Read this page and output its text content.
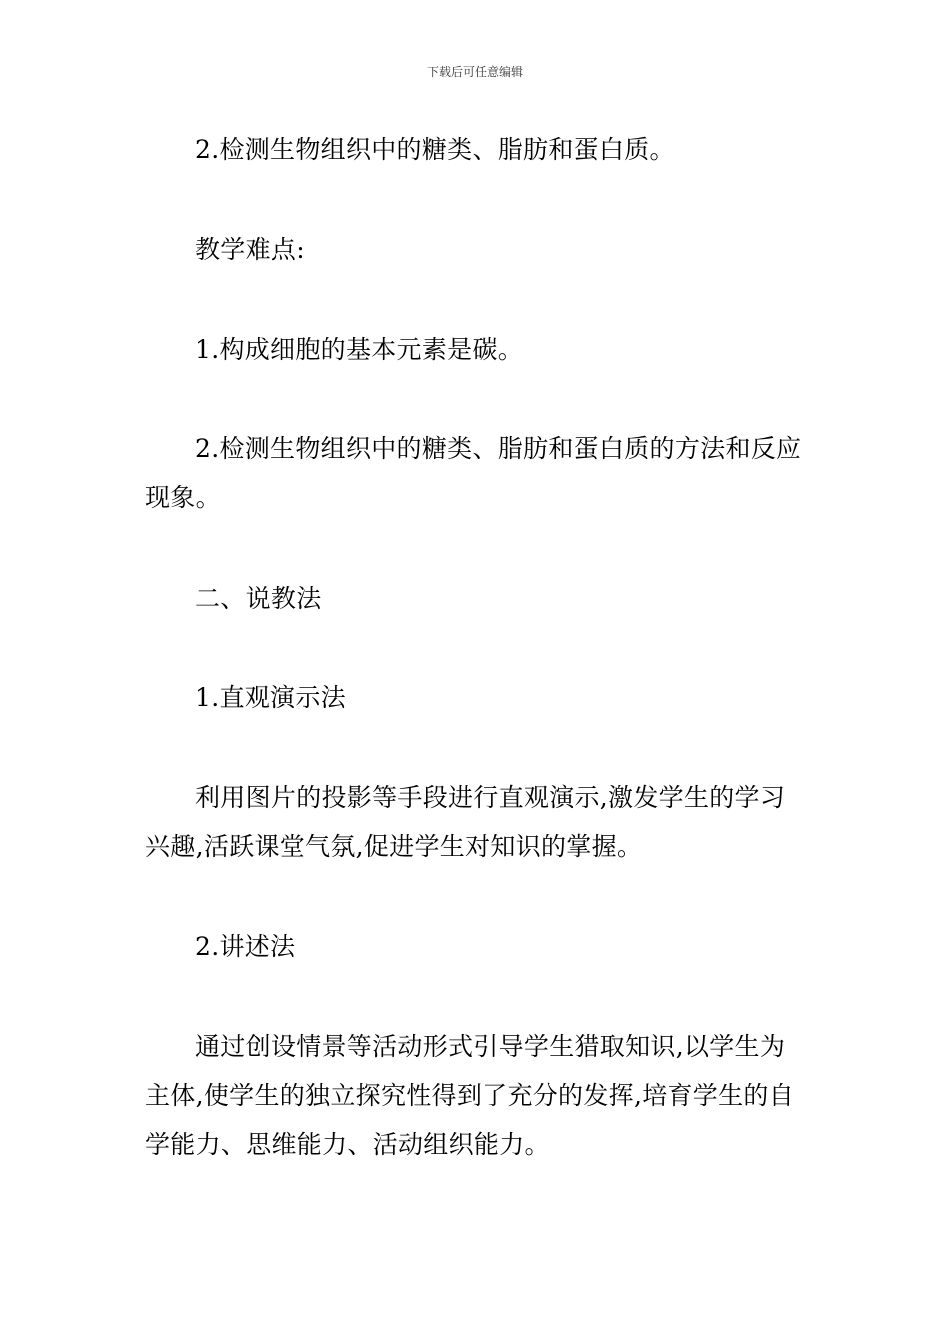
下载后可任意编辑

2.检测生物组织中的糖类、脂肪和蛋白质。

教学难点:

1.构成细胞的基本元素是碳。

2.检测生物组织中的糖类、脂肪和蛋白质的方法和反应现象。

二、说教法

1.直观演示法

利用图片的投影等手段进行直观演示,激发学生的学习兴趣,活跃课堂气氛,促进学生对知识的掌握。

2.讲述法

通过创设情景等活动形式引导学生猎取知识,以学生为主体,使学生的独立探究性得到了充分的发挥,培育学生的自学能力、思维能力、活动组织能力。
